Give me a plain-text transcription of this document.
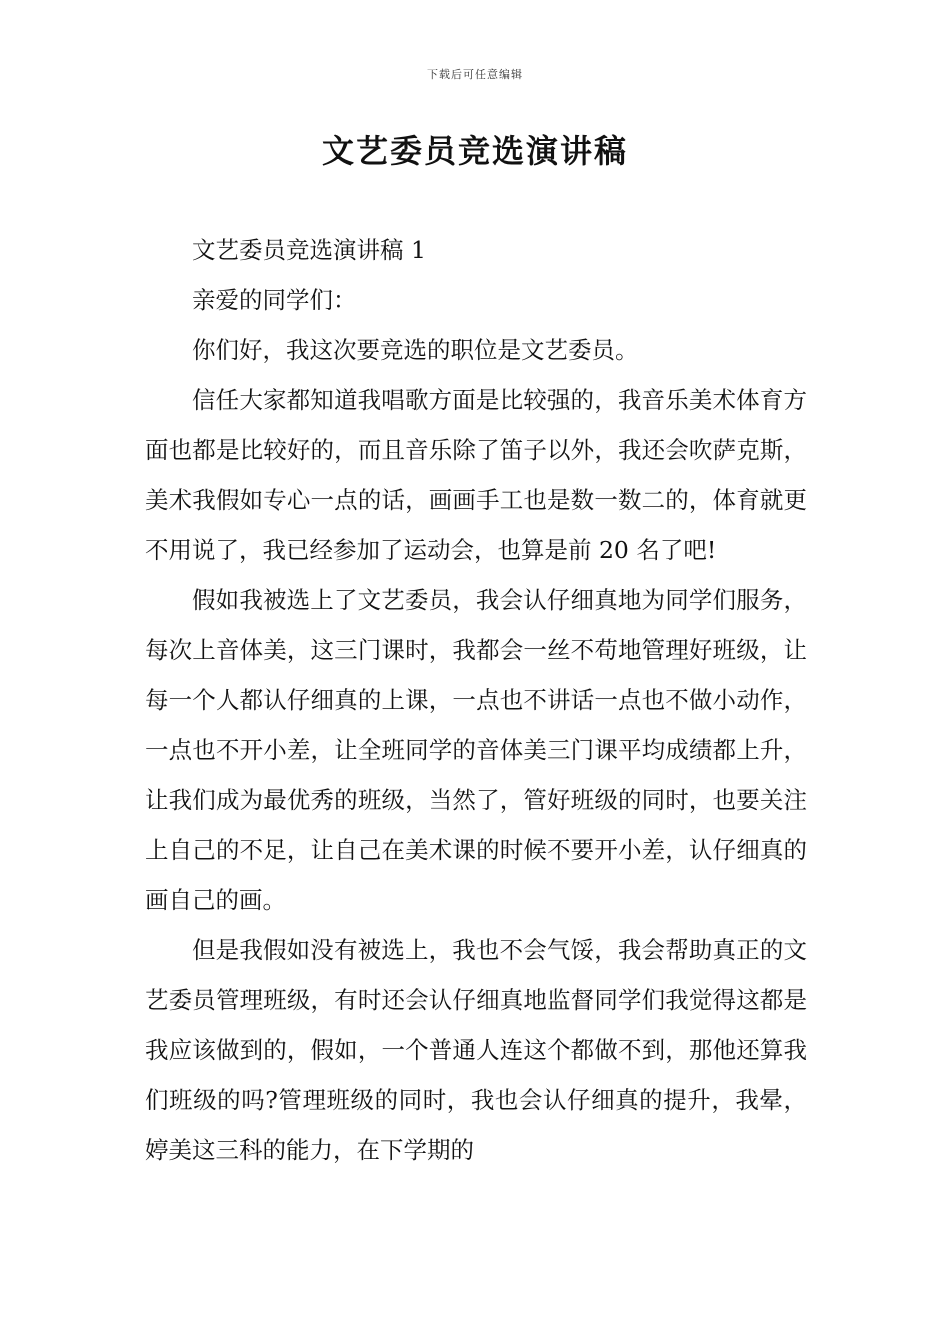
下载后可任意编辑
文艺委员竞选演讲稿

文艺委员竞选演讲稿 1

亲爱的同学们：

你们好，我这次要竞选的职位是文艺委员。

信任大家都知道我唱歌方面是比较强的，我音乐美术体育方面也都是比较好的，而且音乐除了笛子以外，我还会吹萨克斯，美术我假如专心一点的话，画画手工也是数一数二的，体育就更不用说了，我已经参加了运动会，也算是前 20 名了吧!

假如我被选上了文艺委员，我会认仔细真地为同学们服务，每次上音体美，这三门课时，我都会一丝不苟地管理好班级，让每一个人都认仔细真的上课，一点也不讲话一点也不做小动作，一点也不开小差，让全班同学的音体美三门课平均成绩都上升，让我们成为最优秀的班级，当然了，管好班级的同时，也要关注上自己的不足，让自己在美术课的时候不要开小差，认仔细真的画自己的画。

但是我假如没有被选上，我也不会气馁，我会帮助真正的文艺委员管理班级，有时还会认仔细真地监督同学们我觉得这都是我应该做到的，假如，一个普通人连这个都做不到，那他还算我们班级的吗?管理班级的同时，我也会认仔细真的提升，我晕，婷美这三科的能力，在下学期的
